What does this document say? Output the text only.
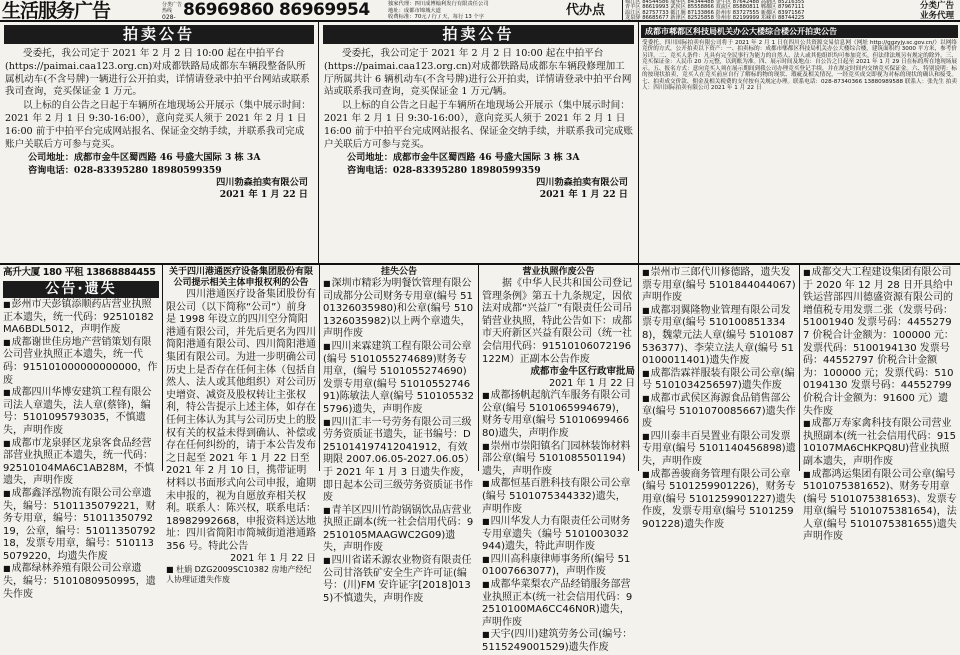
生活服务广告	分类广告热线
028- 86969860 86969954	独家代理：四川成博翰利发行有限责任公司
地址：成都市锦城大道
收费标准：70元 / 行 / 天，每行 13 个字	代办点
锦江区 84544586 成华区 84344488 金牛区 87642488 高新区 85216355
青羊区 86619993 武侯区 85558866 双流区 85880811 郫都区 87967111
温江区 82757733 都江堰 87133866 彭州市 83727555 新都区 83971567
龙泉驿 86685677 新津区 82525858 崇州市 82199999 邛崃市 88744225
分类广告
业务代理
拍卖公告

受委托，我公司定于 2021 年 2 月 2 日 10:00 起在中拍平台(https://paimai.caa123.org.cn)对成都铁路局成都东车辆段整备队所属机动车(不含号牌)一辆进行公开拍卖，详情请登录中拍平台网站或联系我司查询，竞买保证金 1 万元。

以上标的自公告之日起于车辆所在地现场公开展示（集中展示时间：2021 年 2 月 1 日 9:30-16:00），意向竞买人须于 2021 年 2 月 1 日 16:00 前于中拍平台完成网站报名、保证金交纳手续，并联系我司完成账户关联后方可参与竞买。

公司地址：成都市金牛区蜀西路 46 号盛大国际 3 栋 3A
咨询电话：028-83395280 18980599359
四川勃森拍卖有限公司
2021 年 1 月 22 日
拍卖公告

受委托，我公司定于 2021 年 2 月 2 日 10:00 起在中拍平台(https://paimai.caa123.org.cn)对成都铁路局成都东车辆段修理加工厅所属共计 6 辆机动车(不含号牌)进行公开拍卖，详情请登录中拍平台网站或联系我司查询，竞买保证金 1 万元/辆。

以上标的自公告之日起于车辆所在地现场公开展示（集中展示时间：2021 年 2 月 1 日 9:30-16:00），意向竞买人须于 2021 年 2 月 1 日 16:00 前于中拍平台完成网站报名、保证金交纳手续，并联系我司完成账户关联后方可参与竞买。

公司地址：成都市金牛区蜀西路 46 号盛大国际 3 栋 3A
咨询电话：028-83395280 18980599359
四川勃森拍卖有限公司
2021 年 1 月 22 日
成都市郫都区科技局机关办公大楼综合楼公开拍卖公告
受委托，四川国际拍卖有限公司将于 2021 年 2 月 1 日在四川公共资源交易信息网（网址 http://ggzyjy.sc.gov.cn/）以网络竞价的方式，公开拍卖以下资产：一、拍卖标的：成都市郫都区科技局机关办公大楼综合楼，建筑面积约 3000 平方米，参考价另详。二、竞买人条件：凡具有完全民事行为能力的自然人、法人或其他组织均可参加竞买，但法律法规另有规定的除外。三、竞买保证金：人民币 20 万元整，以到账为准。四、展示时间及地点：自公告之日起至 2021 年 1 月 29 日在标的所在地现场展示。五、报名方式：意向竞买人须在展示期间到我公司办理竞买登记手续，并在规定时间内交纳竞买保证金。六、特别说明：标的按现状拍卖，竞买人在竞买前应自行了解标的物的现状、瑕疵及相关情况，一经竞买成交即视为对标的现状的确认和接受。七、拍卖成交价款、佣金及相关税费的支付按有关规定办理。联系电话：028-87340366 13880989588 联系人：张先生 拍卖人：四川国际拍卖有限公司 2021 年 1 月 22 日
高升大厦 180 平租 13868884455
公告·遗失
■ 彭州市天彭镇添顺药店营业执照正本遗失，统一代码：92510182MA6BDL5012，声明作废
■ 成都谢世佳房地产营销策划有限公司营业执照正本遗失，统一代码：915101000000000000，作废
■ 成都四川华博安建筑工程有限公司法人章遗失，法人章(蔡锋)，编号：5101095793035，不慎遗失，声明作废
■ 成都市龙泉驿区龙泉客食品经营部营业执照正本遗失，统一代码：92510104MA6C1AB28M，不慎遗失，声明作废
■ 成都鑫泽泓物流有限公司公章遗失，编号：5101135079221，财务专用章，编号：5101135079219，公章，编号：5101135079218，发票专用章，编号：5101135079220，均遗失作废
■ 成都绿林养殖有限公司公章遗失，编号：5101080950995，遗失作废
关于四川港通医疗设备集团股份有限公司提示相关主体申报权利的公告
四川港通医疗设备集团股份有限公司（以下简称“公司”）前身是 1998 年设立的四川空分简阳港通有限公司，并先后更名为四川简阳港通有限公司、四川简阳港通集团有限公司。为进一步明确公司历史上是否存在任何主体（包括自然人、法人或其他组织）对公司历史增资、减资及股权转让主张权利，特公告提示上述主体，如存在任何主体认为其与公司历史上的股权有关的权益未得到确认、补偿或存在任何纠纷的，请于本公告发布之日起至 2021 年 1 月 22 日至 2021 年 2 月 10 日，携带证明材料以书面形式向公司申报，逾期未申报的，视为自愿放弃相关权利。联系人：陈兴权，联系电话：18982992668，申报资料送达地址：四川省简阳市简城街道港通路 356 号。特此公告
2021 年 1 月 22 日
■ 杜娟 DZG2009SC10382 房地产经纪人协理证遗失作废
挂失公告
■ 深圳市精彩为明餐饮管理有限公司成都分公司财务专用章(编号 5101326035980)和公章(编号 5101326035982)以上两个章遗失，声明作废
■ 四川来霖建筑工程有限公司公章(编号 5101055274689)财务专用章，(编号 5101055274690)发票专用章(编号 5101055274691)陈敏法人章(编号 5101055325796)遗失，声明作废
■ 四川汇丰一号劳务有限公司三级劳务资质证书遗失，证书编号：D251014197412041912，有效期限 2007.06.05-2027.06.05）于 2021 年 1 月 3 日遗失作废，即日起本公司三级劳务资质证书作废
■ 青羊区四川竹韵锅锅饮品店营业执照正副本(统一社会信用代码：92510105MAAGWC2G09)遗失，声明作废
■ 四川省诺禾源农业物资有限责任公司甘洛铁矿安全生产许可证(编号：(川)FM 安许证字[2018]0135)不慎遗失，声明作废
营业执照作废公告
据《中华人民共和国公司登记管理条例》第五十九条规定，因依法对成都“兴益厂”有限责任公司吊销营业执照，特此公告如下：成都市天府新区兴益有限公司（统一社会信用代码：91510106072196122M）正副本公告作废
成都市金牛区行政审批局
2021 年 1 月 22 日
■ 成都扬帆起航汽车服务有限公司公章(编号 5101065994679)，财务专用章(编号 5101069946680)遗失，声明作废
■ 崇州市崇阳镇名门园林装饰材料部公章(编号 5101085501194)遗失，声明作废
■ 成都恒基百胜科技有限公司公章(编号 5101075344332)遗失，声明作废
■ 四川华发人力有限责任公司财务专用章遗失（编号 5101003032944)遗失，特此声明作废
■ 四川高科康律师事务所(编号 5101007663077)，声明作废
■ 成都华菜梨农产品经销服务部营业执照正本(统一社会信用代码：92510100MA6CC46N0R)遗失，声明作废
■ 天宇(四川)建筑劳务公司(编号：5115249001529)遗失作废
■ 崇州市三郎代川修德路，遗失发票专用章(编号 5101844044067)声明作废
■ 成都羽翼隆物业管理有限公司发票专用章(编号 5101008513348)，魏蒙元法人章(编号 5101087536377)、李荣立法人章(编号 510100011401)遗失作废
■ 成都浩霖祥服装有限公司公章(编号 5101034256597)遗失作废
■ 成都市武侯区海源食品销售部公章(编号 5101070085667)遗失作废
■ 四川泰丰百昊置业有限公司发票专用章(编号 5101140456898)遗失，声明作废
■ 成都善骏商务管理有限公司公章(编号 5101259901226)，财务专用章(编号 5101259901227)遗失作废，发票专用章(编号 5101259901228)遗失作废
■ 成都交大工程建设集团有限公司于 2020 年 12 月 28 日开具给中铁运营部四川德盛资源有限公司的增值税专用发票二张（发票号码：51001940 发票号码：44552797 价税合计金额为：100000 元：发票代码：5100194130 发票号码：44552797 价税合计金额为：100000 元；发票代码：5100194130 发票号码：44552799 价税合计金额为：91600 元）遗失作废
■ 成都万寿家禽科技有限公司营业执照副本(统一社会信用代码：91510107MA6CHKPQ8U)营业执照副本遗失，声明作废
■ 成都鸿运集团有限公司公章(编号 5101075381652)、财务专用章(编号 5101075381653)、发票专用章(编号 5101075381654)，法人章(编号 5101075381655)遗失声明作废
